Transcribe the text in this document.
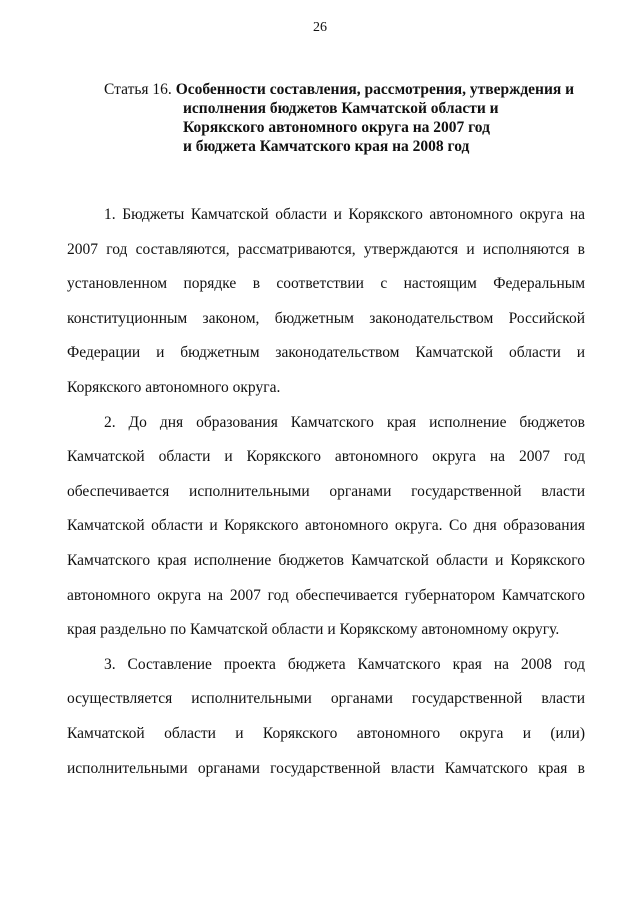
26
Статья 16. Особенности составления, рассмотрения, утверждения и
исполнения бюджетов Камчатской области и
Корякского автономного округа на 2007 год
и бюджета Камчатского края на 2008 год
1. Бюджеты Камчатской области и Корякского автономного округа на
2007 год составляются, рассматриваются, утверждаются и исполняются в
установленном порядке в соответствии с настоящим Федеральным
конституционным законом, бюджетным законодательством Российской
Федерации и бюджетным законодательством Камчатской области и
Корякского автономного округа.
2. До дня образования Камчатского края исполнение бюджетов
Камчатской области и Корякского автономного округа на 2007 год
обеспечивается исполнительными органами государственной власти
Камчатской области и Корякского автономного округа. Со дня образования
Камчатского края исполнение бюджетов Камчатской области и Корякского
автономного округа на 2007 год обеспечивается губернатором Камчатского
края раздельно по Камчатской области и Корякскому автономному округу.
3. Составление проекта бюджета Камчатского края на 2008 год
осуществляется исполнительными органами государственной власти
Камчатской области и Корякского автономного округа и (или)
исполнительными органами государственной власти Камчатского края в
